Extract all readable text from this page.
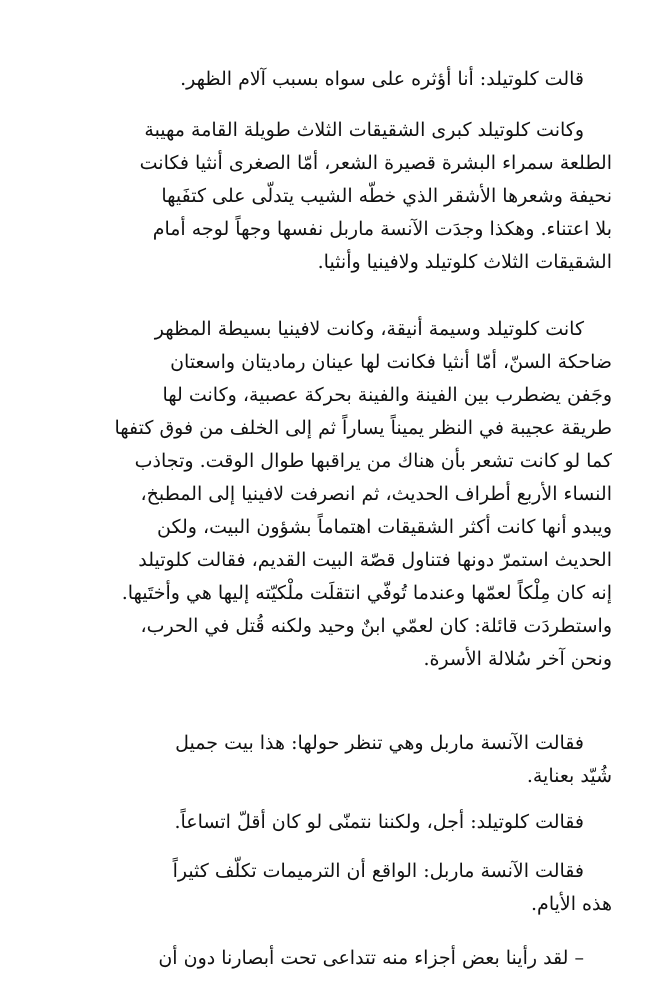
قالت كلوتيلد: أنا أؤثره على سواه بسبب آلام الظهر.
وكانت كلوتيلد كبرى الشقيقات الثلاث طويلة القامة مهيبة
الطلعة سمراء البشرة قصيرة الشعر، أمّا الصغرى أنثيا فكانت
نحيفة وشعرها الأشقر الذي خطّه الشيب يتدلّى على كتفَيها
بلا اعتناء. وهكذا وجدَت الآنسة ماربل نفسها وجهاً لوجه أمام
الشقيقات الثلاث كلوتيلد ولافينيا وأنثيا.
كانت كلوتيلد وسيمة أنيقة، وكانت لافينيا بسيطة المظهر
ضاحكة السنّ، أمّا أنثيا فكانت لها عينان رماديتان واسعتان
وجَفن يضطرب بين الفينة والفينة بحركة عصبية، وكانت لها
طريقة عجيبة في النظر يميناً يساراً ثم إلى الخلف من فوق كتفها
كما لو كانت تشعر بأن هناك من يراقبها طوال الوقت. وتجاذب
النساء الأربع أطراف الحديث، ثم انصرفت لافينيا إلى المطبخ،
ويبدو أنها كانت أكثر الشقيقات اهتماماً بشؤون البيت، ولكن
الحديث استمرّ دونها فتناول قصّة البيت القديم، فقالت كلوتيلد
إنه كان مِلْكاً لعمّها وعندما تُوفّي انتقلَت ملْكيّته إليها هي وأختَيها.
واستطردَت قائلة: كان لعمّي ابنٌ وحيد ولكنه قُتل في الحرب،
ونحن آخر سُلالة الأسرة.
فقالت الآنسة ماربل وهي تنظر حولها: هذا بيت جميل
شُيّد بعناية.
فقالت كلوتيلد: أجل، ولكننا نتمنّى لو كان أقلّ اتساعاً.
فقالت الآنسة ماربل: الواقع أن الترميمات تكلّف كثيراً
هذه الأيام.
– لقد رأينا بعض أجزاء منه تتداعى تحت أبصارنا دون أن
